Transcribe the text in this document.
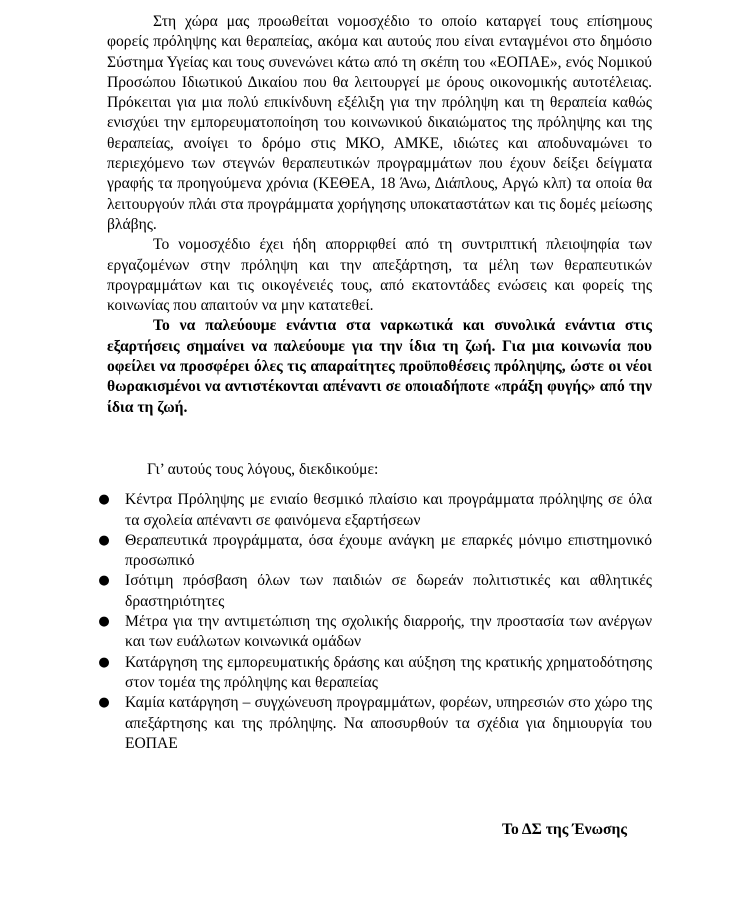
Στη χώρα μας προωθείται νομοσχέδιο το οποίο καταργεί τους επίσημους φορείς πρόληψης και θεραπείας, ακόμα και αυτούς που είναι ενταγμένοι στο δημόσιο Σύστημα Υγείας και τους συνενώνει κάτω από τη σκέπη του «ΕΟΠΑΕ», ενός Νομικού Προσώπου Ιδιωτικού Δικαίου που θα λειτουργεί με όρους οικονομικής αυτοτέλειας. Πρόκειται για μια πολύ επικίνδυνη εξέλιξη για την πρόληψη και τη θεραπεία καθώς ενισχύει την εμπορευματοποίηση του κοινωνικού δικαιώματος της πρόληψης και της θεραπείας, ανοίγει το δρόμο στις ΜΚΟ, ΑΜΚΕ, ιδιώτες και αποδυναμώνει το περιεχόμενο των στεγνών θεραπευτικών προγραμμάτων που έχουν δείξει δείγματα γραφής τα προηγούμενα χρόνια (ΚΕΘΕΑ, 18 Άνω, Διάπλους, Αργώ κλπ) τα οποία θα λειτουργούν πλάι στα προγράμματα χορήγησης υποκαταστάτων και τις δομές μείωσης βλάβης.

Το νομοσχέδιο έχει ήδη απορριφθεί από τη συντριπτική πλειοψηφία των εργαζομένων στην πρόληψη και την απεξάρτηση, τα μέλη των θεραπευτικών προγραμμάτων και τις οικογένειές τους, από εκατοντάδες ενώσεις και φορείς της κοινωνίας που απαιτούν να μην κατατεθεί.

Το να παλεύουμε ενάντια στα ναρκωτικά και συνολικά ενάντια στις εξαρτήσεις σημαίνει να παλεύουμε για την ίδια τη ζωή. Για μια κοινωνία που οφείλει να προσφέρει όλες τις απαραίτητες προϋποθέσεις πρόληψης, ώστε οι νέοι θωρακισμένοι να αντιστέκονται απέναντι σε οποιαδήποτε «πράξη φυγής» από την ίδια τη ζωή.

Γι’ αυτούς τους λόγους, διεκδικούμε:

● Κέντρα Πρόληψης με ενιαίο θεσμικό πλαίσιο και προγράμματα πρόληψης σε όλα τα σχολεία απέναντι σε φαινόμενα εξαρτήσεων
● Θεραπευτικά προγράμματα, όσα έχουμε ανάγκη με επαρκές μόνιμο επιστημονικό προσωπικό
● Ισότιμη πρόσβαση όλων των παιδιών σε δωρεάν πολιτιστικές και αθλητικές δραστηριότητες
● Μέτρα για την αντιμετώπιση της σχολικής διαρροής, την προστασία των ανέργων και των ευάλωτων κοινωνικά ομάδων
● Κατάργηση της εμπορευματικής δράσης και αύξηση της κρατικής χρηματοδότησης στον τομέα της πρόληψης και θεραπείας
● Καμία κατάργηση – συγχώνευση προγραμμάτων, φορέων, υπηρεσιών στο χώρο της απεξάρτησης και της πρόληψης. Να αποσυρθούν τα σχέδια για δημιουργία του ΕΟΠΑΕ
Το ΔΣ της Ένωσης
